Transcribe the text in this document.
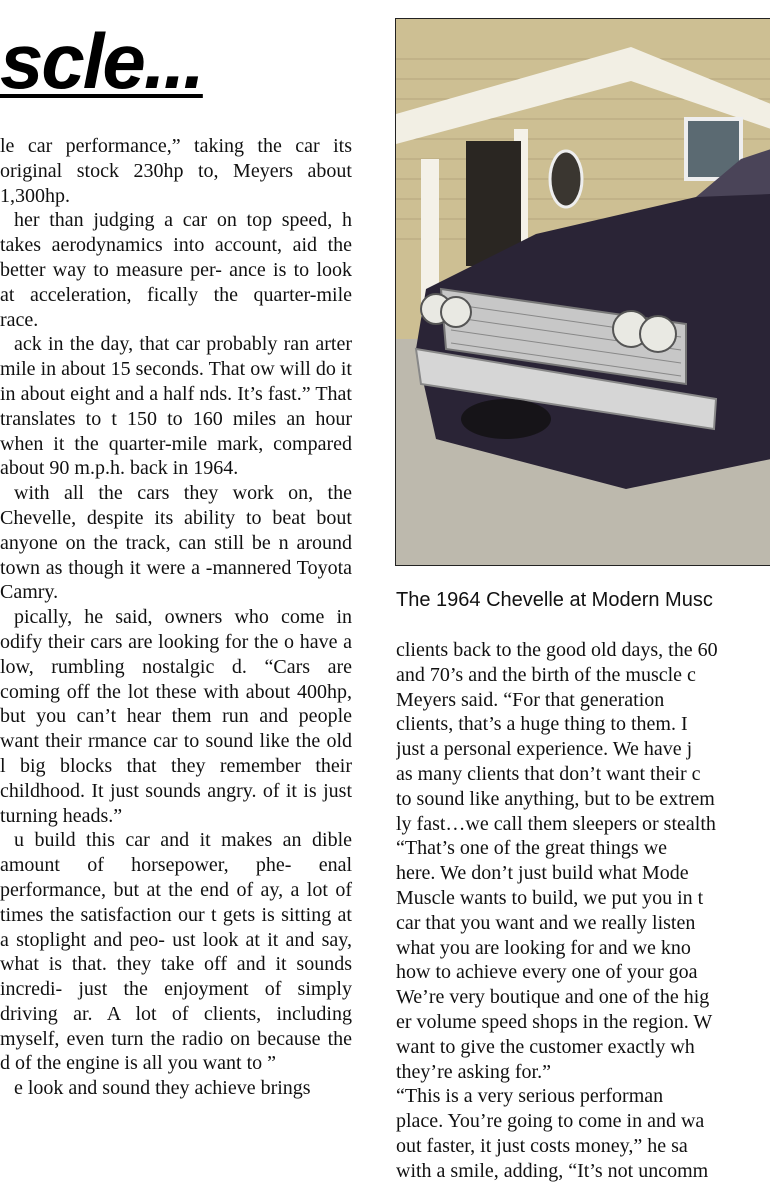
scle...

le car performance,” taking the car its original stock 230hp to, Meyers about 1,300hp.

her than judging a car on top speed, h takes aerodynamics into account, aid the better way to measure per- ance is to look at acceleration, fically the quarter-mile race.

ack in the day, that car probably ran arter mile in about 15 seconds. That ow will do it in about eight and a half nds. It’s fast.” That translates to t 150 to 160 miles an hour when it the quarter-mile mark, compared about 90 m.p.h. back in 1964.

with all the cars they work on, the Chevelle, despite its ability to beat bout anyone on the track, can still be n around town as though it were a -mannered Toyota Camry.

pically, he said, owners who come in odify their cars are looking for the o have a low, rumbling nostalgic d. “Cars are coming off the lot these with about 400hp, but you can’t hear them run and people want their rmance car to sound like the old l big blocks that they remember their childhood. It just sounds angry. of it is just turning heads.”

u build this car and it makes an dible amount of horsepower, phe- enal performance, but at the end of ay, a lot of times the satisfaction our t gets is sitting at a stoplight and peo- ust look at it and say, what is that. they take off and it sounds incredi- just the enjoyment of simply driving ar. A lot of clients, including myself, even turn the radio on because the d of the engine is all you want to ”

e look and sound they achieve brings

The 1964 Chevelle at Modern Musc
clients back to the good old days, the 60
and 70’s and the birth of the muscle c
Meyers said. “For that generation
clients, that’s a huge thing to them. I
just a personal experience. We have j
as many clients that don’t want their c
to sound like anything, but to be extrem
ly fast…we call them sleepers or stealth
“That’s one of the great things we
here. We don’t just build what Mode
Muscle wants to build, we put you in t
car that you want and we really listen
what you are looking for and we kno
how to achieve every one of your goa
We’re very boutique and one of the hig
er volume speed shops in the region. W
want to give the customer exactly wh
they’re asking for.”
“This is a very serious performan
place. You’re going to come in and wa
out faster, it just costs money,” he sa
with a smile, adding, “It’s not uncomm
